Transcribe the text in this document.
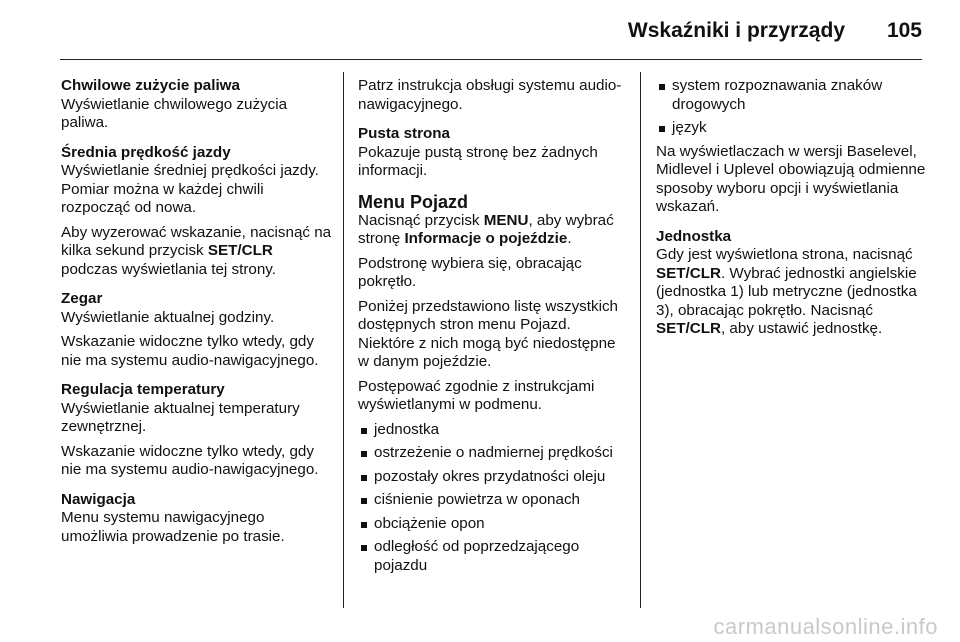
Wskaźniki i przyrządy	105
Chwilowe zużycie paliwa
Wyświetlanie chwilowego zużycia paliwa.
Średnia prędkość jazdy
Wyświetlanie średniej prędkości jazdy. Pomiar można w każdej chwili rozpocząć od nowa.
Aby wyzerować wskazanie, nacisnąć na kilka sekund przycisk SET/CLR podczas wyświetlania tej strony.
Zegar
Wyświetlanie aktualnej godziny.
Wskazanie widoczne tylko wtedy, gdy nie ma systemu audio-nawigacyjnego.
Regulacja temperatury
Wyświetlanie aktualnej temperatury zewnętrznej.
Wskazanie widoczne tylko wtedy, gdy nie ma systemu audio-nawigacyjnego.
Nawigacja
Menu systemu nawigacyjnego umożliwia prowadzenie po trasie.
Patrz instrukcja obsługi systemu audio-nawigacyjnego.
Pusta strona
Pokazuje pustą stronę bez żadnych informacji.
Menu Pojazd
Nacisnąć przycisk MENU, aby wybrać stronę Informacje o pojeździe.
Podstronę wybiera się, obracając pokrętło.
Poniżej przedstawiono listę wszystkich dostępnych stron menu Pojazd. Niektóre z nich mogą być niedostępne w danym pojeździe.
Postępować zgodnie z instrukcjami wyświetlanymi w podmenu.
jednostka
ostrzeżenie o nadmiernej prędkości
pozostały okres przydatności oleju
ciśnienie powietrza w oponach
obciążenie opon
odległość od poprzedzającego pojazdu
system rozpoznawania znaków drogowych
język
Na wyświetlaczach w wersji Baselevel, Midlevel i Uplevel obowiązują odmienne sposoby wyboru opcji i wyświetlania wskazań.
Jednostka
Gdy jest wyświetlona strona, nacisnąć SET/CLR. Wybrać jednostki angielskie (jednostka 1) lub metryczne (jednostka 3), obracając pokrętło. Nacisnąć SET/CLR, aby ustawić jednostkę.
carmanualsonline.info
